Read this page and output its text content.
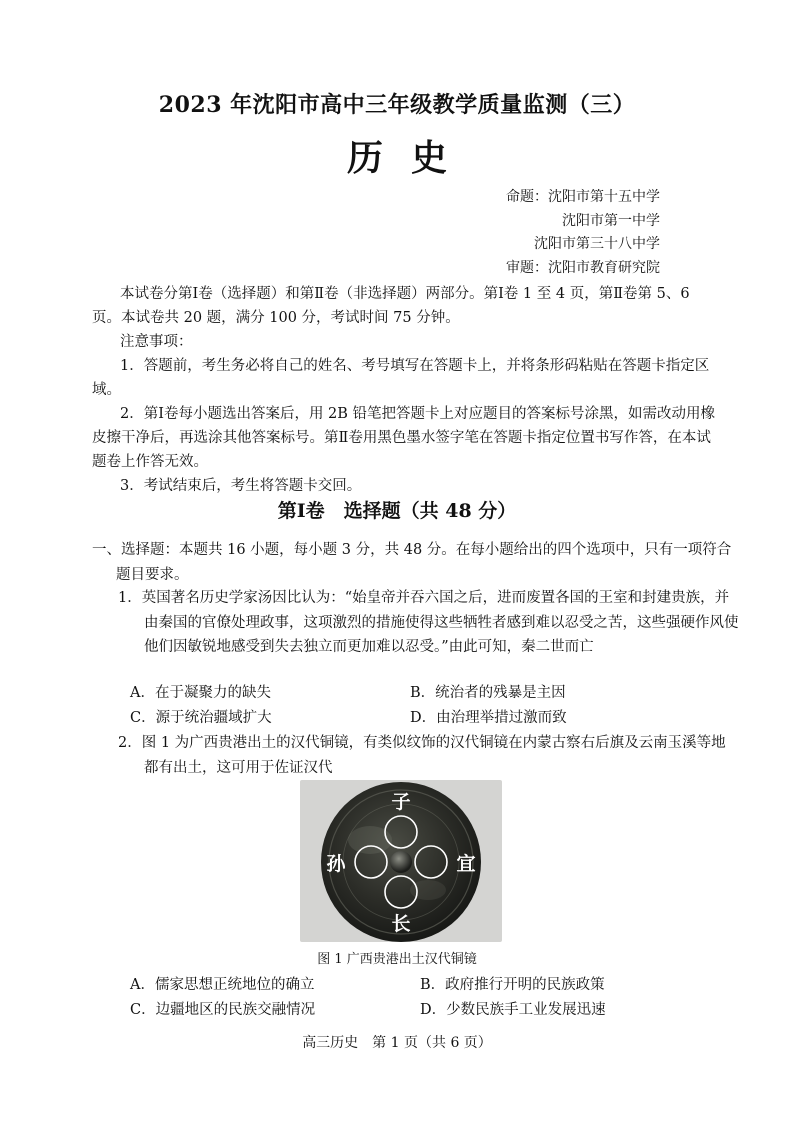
2023 年沈阳市高中三年级教学质量监测（三）
历史
命题：沈阳市第十五中学
沈阳市第一中学
沈阳市第三十八中学
审题：沈阳市教育研究院
本试卷分第Ⅰ卷（选择题）和第Ⅱ卷（非选择题）两部分。第Ⅰ卷 1 至 4 页，第Ⅱ卷第 5、6 页。本试卷共 20 题，满分 100 分，考试时间 75 分钟。
注意事项：
1．答题前，考生务必将自己的姓名、考号填写在答题卡上，并将条形码粘贴在答题卡指定区域。
2．第Ⅰ卷每小题选出答案后，用 2B 铅笔把答题卡上对应题目的答案标号涂黑，如需改动用橡皮擦干净后，再选涂其他答案标号。第Ⅱ卷用黑色墨水签字笔在答题卡指定位置书写作答，在本试题卷上作答无效。
3．考试结束后，考生将答题卡交回。
第Ⅰ卷　选择题（共 48 分）
一、选择题：本题共 16 小题，每小题 3 分，共 48 分。在每小题给出的四个选项中，只有一项符合题目要求。
1．英国著名历史学家汤因比认为：“始皇帝并吞六国之后，进而废置各国的王室和封建贵族，并由秦国的官僚处理政事，这项激烈的措施使得这些牺牲者感到难以忍受之苦，这些强硬作风使他们因敏锐地感受到失去独立而更加难以忍受。”由此可知，秦二世而亡
A．在于凝聚力的缺失	B．统治者的残暴是主因
C．源于统治疆域扩大	D．由治理举措过激而致
2．图 1 为广西贵港出土的汉代铜镜，有类似纹饰的汉代铜镜在内蒙古察右后旗及云南玉溪等地都有出土，这可用于佐证汉代
子
宜
长
孙
图 1 广西贵港出土汉代铜镜
A．儒家思想正统地位的确立	B．政府推行开明的民族政策
C．边疆地区的民族交融情况	D．少数民族手工业发展迅速
高三历史　第 1 页（共 6 页）
